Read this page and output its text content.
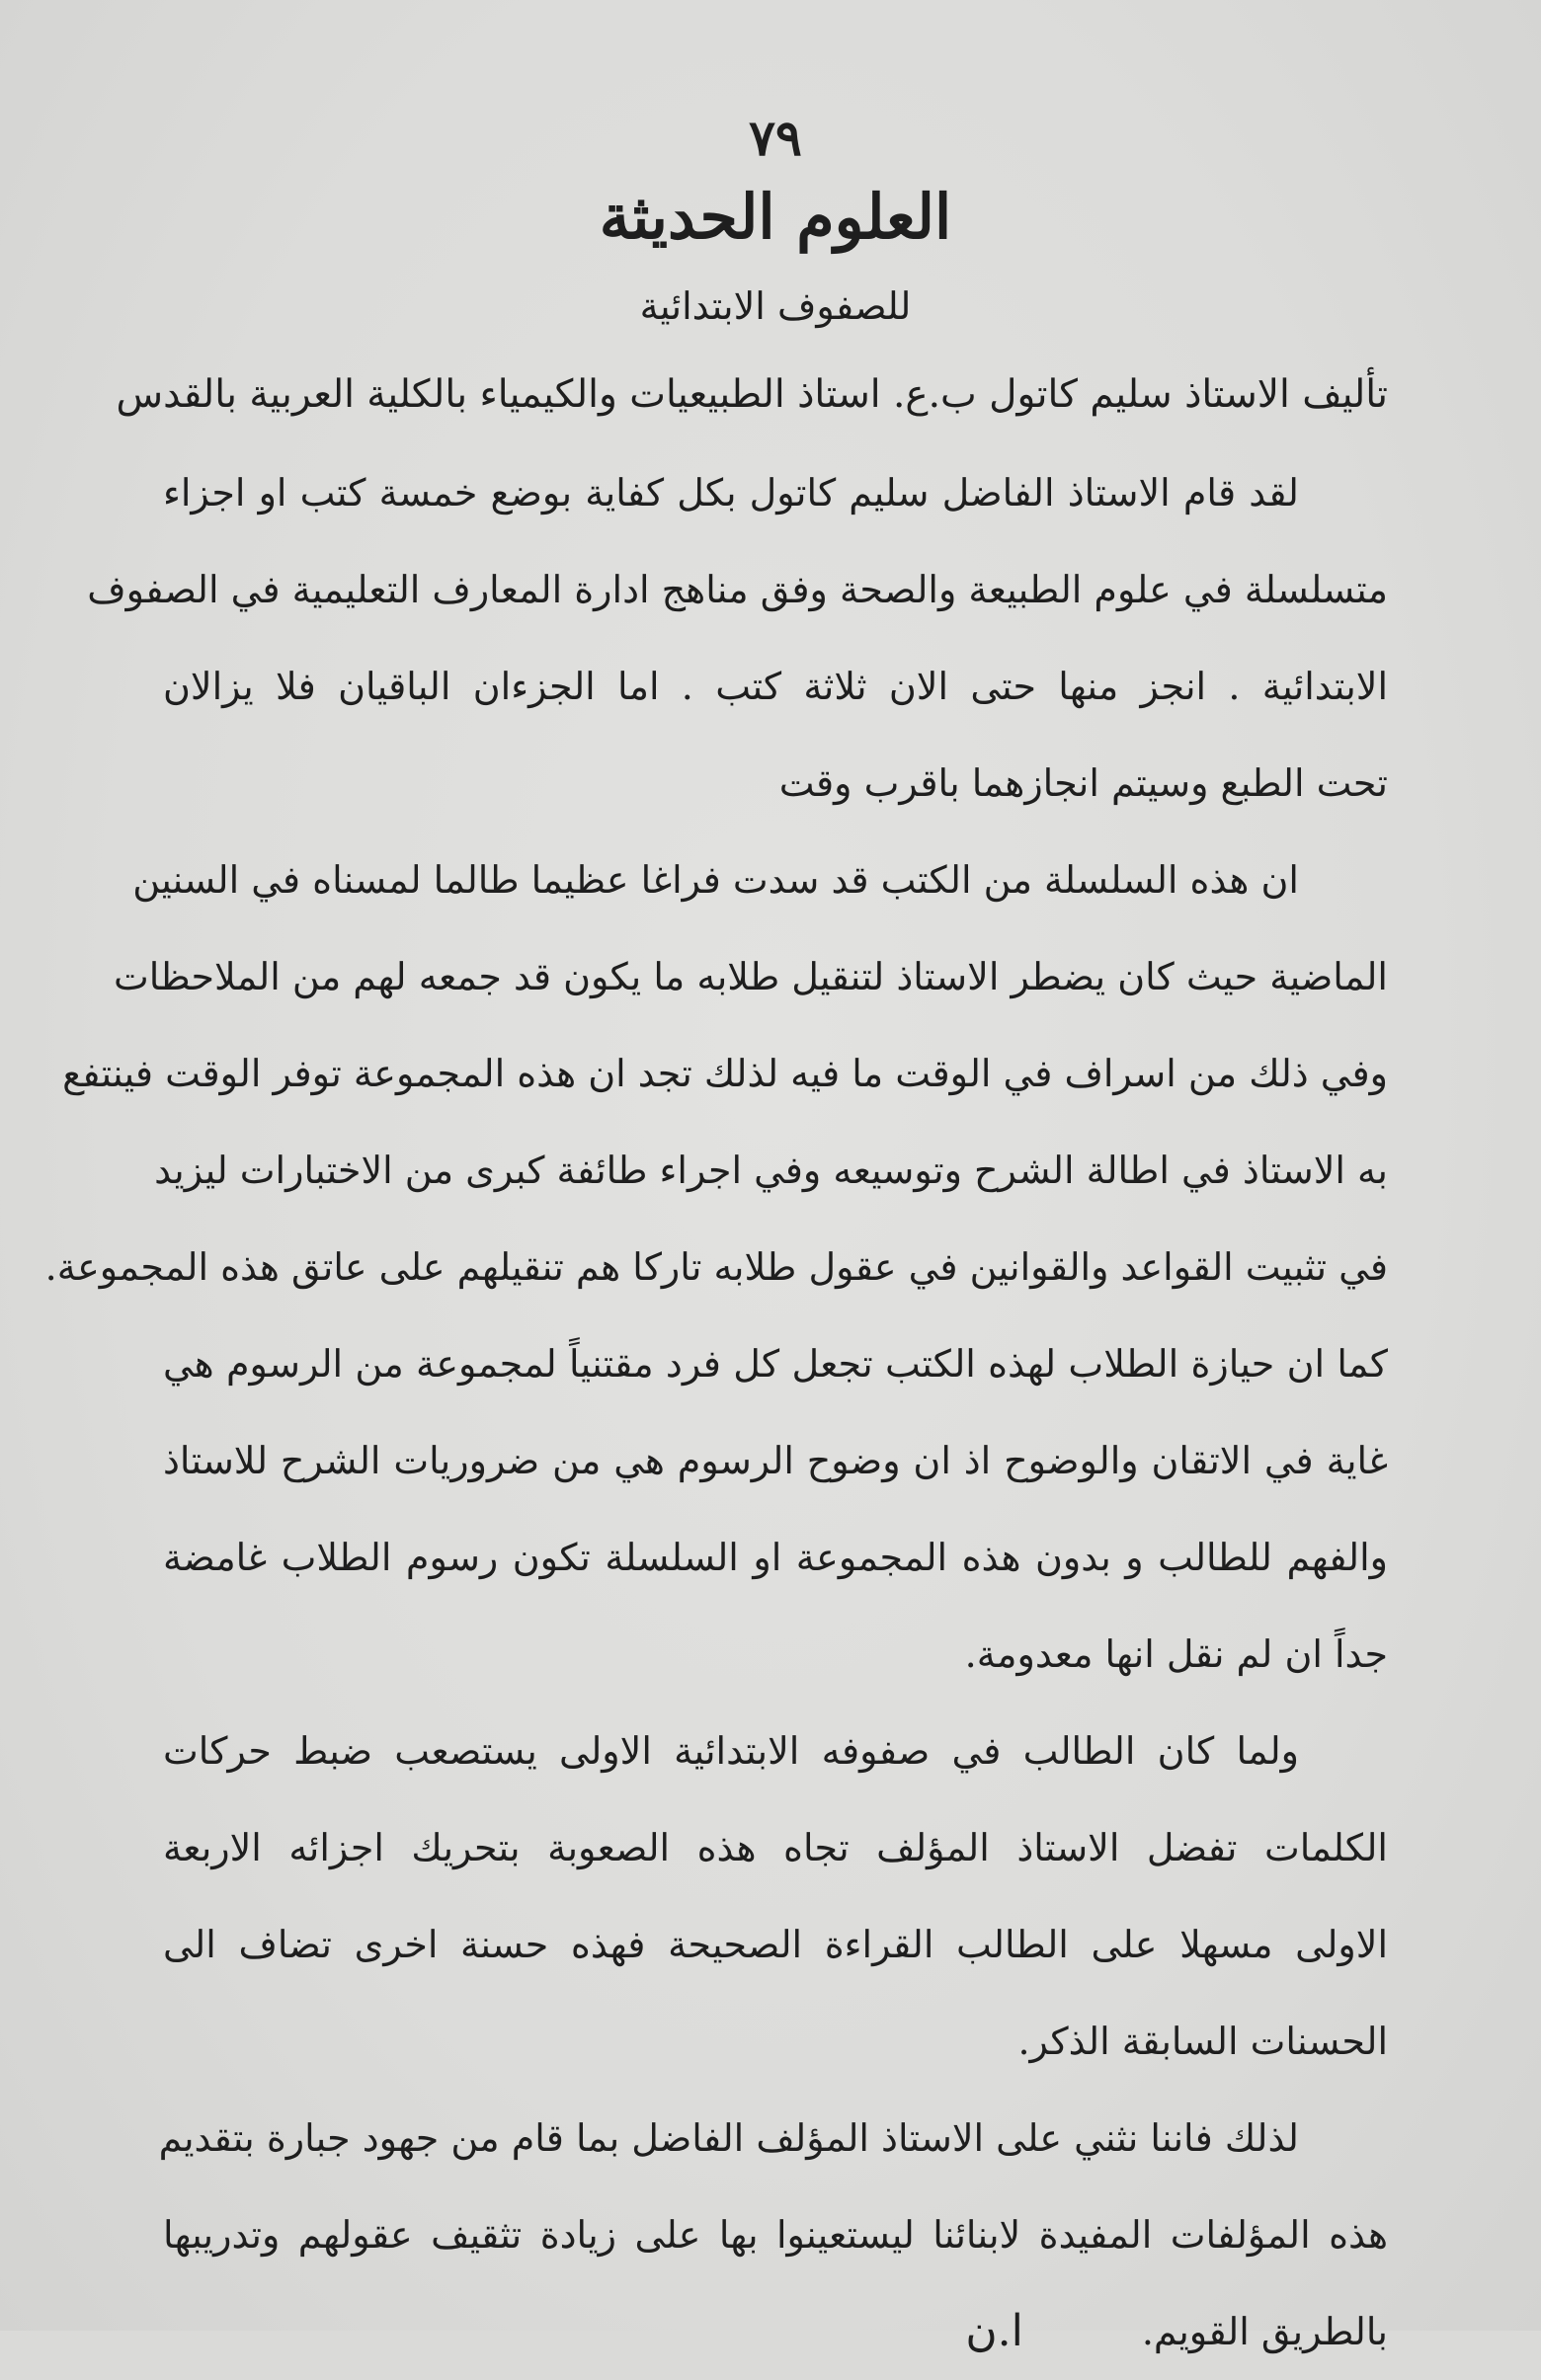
٧٩
العلوم الحديثة
للصفوف الابتدائية
تأليف الاستاذ سليم كاتول ب.ع. استاذ الطبيعيات والكيمياء بالكلية العربية بالقدس
لقد قام الاستاذ الفاضل سليم كاتول بكل كفاية بوضع خمسة كتب او اجزاء
متسلسلة في علوم الطبيعة والصحة وفق مناهج ادارة المعارف التعليمية في الصفوف
الابتدائية . انجز منها حتى الان ثلاثة كتب . اما الجزءان الباقيان فلا يزالان
تحت الطبع وسيتم انجازهما باقرب وقت
ان هذه السلسلة من الكتب قد سدت فراغا عظيما طالما لمسناه في السنين
الماضية حيث كان يضطر الاستاذ لتنقيل طلابه ما يكون قد جمعه لهم من الملاحظات
وفي ذلك من اسراف في الوقت ما فيه لذلك تجد ان هذه المجموعة توفر الوقت فينتفع
به الاستاذ في اطالة الشرح وتوسيعه وفي اجراء طائفة كبرى من الاختبارات ليزيد
في تثبيت القواعد والقوانين في عقول طلابه تاركا هم تنقيلهم على عاتق هذه المجموعة.
كما ان حيازة الطلاب لهذه الكتب تجعل كل فرد مقتنياً لمجموعة من الرسوم هي
غاية في الاتقان والوضوح اذ ان وضوح الرسوم هي من ضروريات الشرح للاستاذ
والفهم للطالب و بدون هذه المجموعة او السلسلة تكون رسوم الطلاب غامضة
جداً ان لم نقل انها معدومة.
ولما كان الطالب في صفوفه الابتدائية الاولى يستصعب ضبط حركات
الكلمات تفضل الاستاذ المؤلف تجاه هذه الصعوبة بتحريك اجزائه الاربعة
الاولى مسهلا على الطالب القراءة الصحيحة فهذه حسنة اخرى تضاف الى
الحسنات السابقة الذكر.
لذلك فاننا نثني على الاستاذ المؤلف الفاضل بما قام من جهود جبارة بتقديم
هذه المؤلفات المفيدة لابنائنا ليستعينوا بها على زيادة تثقيف عقولهم وتدريبها
بالطريق القويم.
ا.ن
